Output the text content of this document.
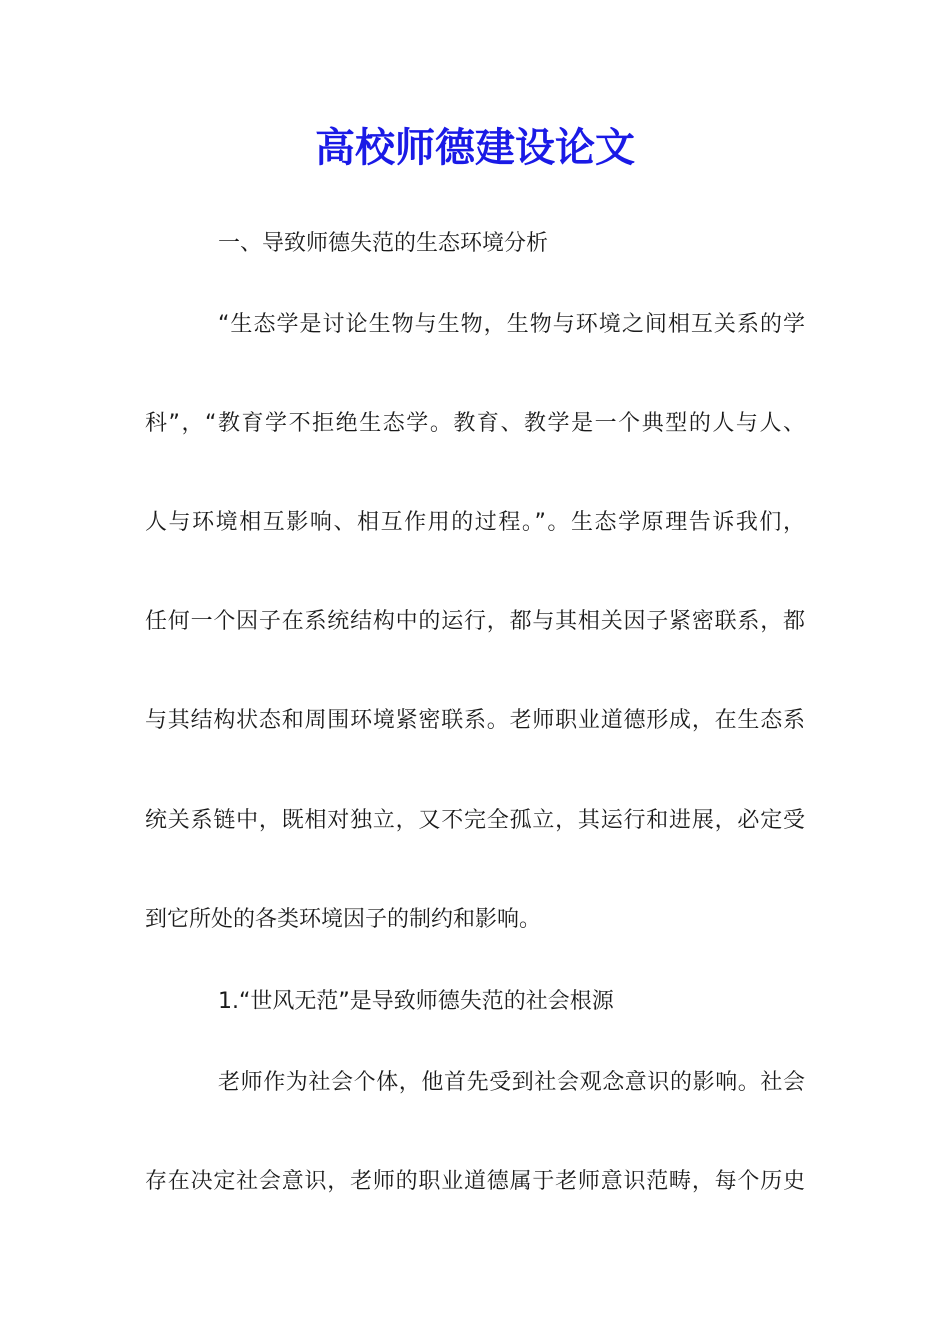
高校师德建设论文

一、导致师德失范的生态环境分析

“生态学是讨论生物与生物，生物与环境之间相互关系的学

科”，“教育学不拒绝生态学。教育、教学是一个典型的人与人、

人与环境相互影响、相互作用的过程。”。生态学原理告诉我们，

任何一个因子在系统结构中的运行，都与其相关因子紧密联系，都

与其结构状态和周围环境紧密联系。老师职业道德形成，在生态系

统关系链中，既相对独立，又不完全孤立，其运行和进展，必定受

到它所处的各类环境因子的制约和影响。

1.“世风无范”是导致师德失范的社会根源

老师作为社会个体，他首先受到社会观念意识的影响。社会

存在决定社会意识，老师的职业道德属于老师意识范畴，每个历史
